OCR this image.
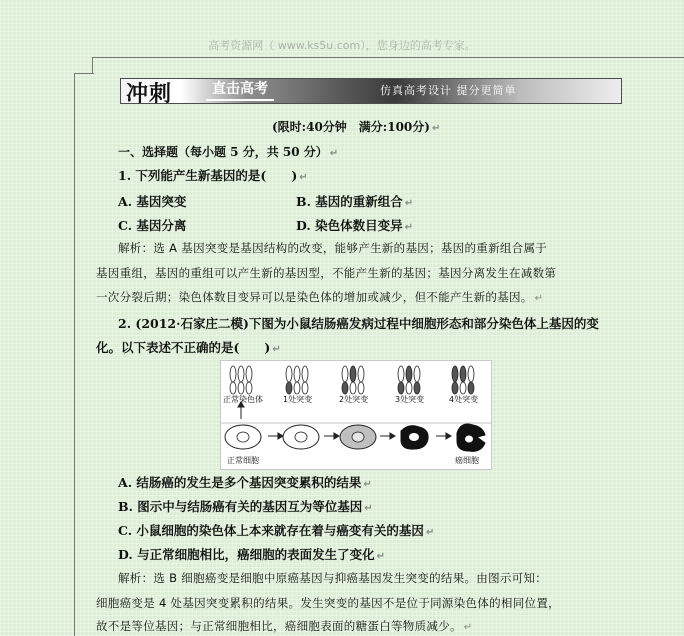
高考资源网（ www.ks5u.com），您身边的高考专家。
冲刺	直击高考	仿真高考设计 提分更简单
(限时:40分钟　满分:100分) ↵
一、选择题（每小题 5 分，共 50 分） ↵
1. 下列能产生新基因的是(　　) ↵
A. 基因突变	B. 基因的重新组合 ↵
C. 基因分离	D. 染色体数目变异 ↵
解析：选 A 基因突变是基因结构的改变，能够产生新的基因；基因的重新组合属于
基因重组，基因的重组可以产生新的基因型，不能产生新的基因；基因分离发生在减数第
一次分裂后期；染色体数目变异可以是染色体的增加或减少，但不能产生新的基因。 ↵
2. (2012·石家庄二模)下图为小鼠结肠癌发病过程中细胞形态和部分染色体上基因的变
化。以下表述不正确的是(　　) ↵
正常染色体	1处突变	2处突变	3处突变	4处突变
正常细胞	癌细胞
A. 结肠癌的发生是多个基因突变累积的结果 ↵
B. 图示中与结肠癌有关的基因互为等位基因 ↵
C. 小鼠细胞的染色体上本来就存在着与癌变有关的基因 ↵
D. 与正常细胞相比，癌细胞的表面发生了变化 ↵
解析：选 B 细胞癌变是细胞中原癌基因与抑癌基因发生突变的结果。由图示可知：
细胞癌变是 4 处基因突变累积的结果。发生突变的基因不是位于同源染色体的相同位置，
故不是等位基因；与正常细胞相比，癌细胞表面的糖蛋白等物质减少。 ↵
